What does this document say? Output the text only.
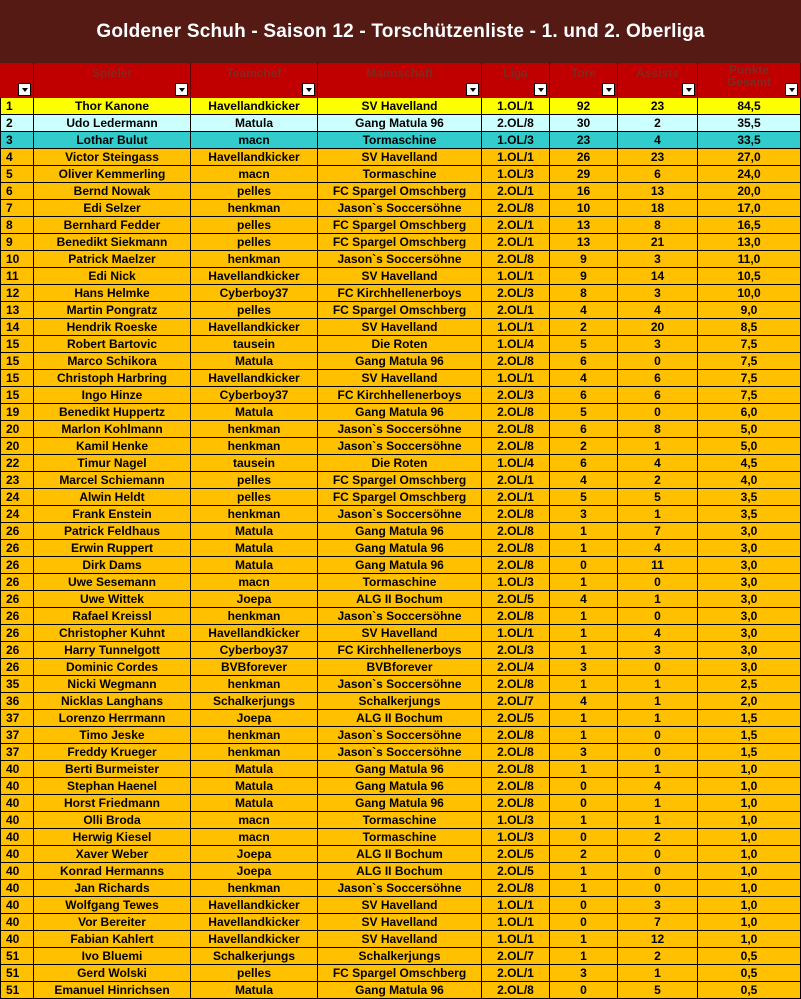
Goldener Schuh - Saison 12 - Torschützenliste - 1. und 2. Oberliga
Spieler	Teamchef	Mannschaft	Liga	Tore	Assists	Punkte Gesamt
1	Thor Kanone	Havellandkicker	SV Havelland	1.OL/1	92	23	84,5
2	Udo Ledermann	Matula	Gang Matula 96	2.OL/8	30	2	35,5
3	Lothar Bulut	macn	Tormaschine	1.OL/3	23	4	33,5
4	Victor Steingass	Havellandkicker	SV Havelland	1.OL/1	26	23	27,0
5	Oliver Kemmerling	macn	Tormaschine	1.OL/3	29	6	24,0
6	Bernd Nowak	pelles	FC Spargel Omschberg	2.OL/1	16	13	20,0
7	Edi Selzer	henkman	Jason`s Soccersöhne	2.OL/8	10	18	17,0
8	Bernhard Fedder	pelles	FC Spargel Omschberg	2.OL/1	13	8	16,5
9	Benedikt Siekmann	pelles	FC Spargel Omschberg	2.OL/1	13	21	13,0
10	Patrick Maelzer	henkman	Jason`s Soccersöhne	2.OL/8	9	3	11,0
11	Edi Nick	Havellandkicker	SV Havelland	1.OL/1	9	14	10,5
12	Hans Helmke	Cyberboy37	FC Kirchhellenerboys	2.OL/3	8	3	10,0
13	Martin Pongratz	pelles	FC Spargel Omschberg	2.OL/1	4	4	9,0
14	Hendrik Roeske	Havellandkicker	SV Havelland	1.OL/1	2	20	8,5
15	Robert Bartovic	tausein	Die Roten	1.OL/4	5	3	7,5
15	Marco Schikora	Matula	Gang Matula 96	2.OL/8	6	0	7,5
15	Christoph Harbring	Havellandkicker	SV Havelland	1.OL/1	4	6	7,5
15	Ingo Hinze	Cyberboy37	FC Kirchhellenerboys	2.OL/3	6	6	7,5
19	Benedikt Huppertz	Matula	Gang Matula 96	2.OL/8	5	0	6,0
20	Marlon Kohlmann	henkman	Jason`s Soccersöhne	2.OL/8	6	8	5,0
20	Kamil Henke	henkman	Jason`s Soccersöhne	2.OL/8	2	1	5,0
22	Timur Nagel	tausein	Die Roten	1.OL/4	6	4	4,5
23	Marcel Schiemann	pelles	FC Spargel Omschberg	2.OL/1	4	2	4,0
24	Alwin Heldt	pelles	FC Spargel Omschberg	2.OL/1	5	5	3,5
24	Frank Enstein	henkman	Jason`s Soccersöhne	2.OL/8	3	1	3,5
26	Patrick Feldhaus	Matula	Gang Matula 96	2.OL/8	1	7	3,0
26	Erwin Ruppert	Matula	Gang Matula 96	2.OL/8	1	4	3,0
26	Dirk Dams	Matula	Gang Matula 96	2.OL/8	0	11	3,0
26	Uwe Sesemann	macn	Tormaschine	1.OL/3	1	0	3,0
26	Uwe Wittek	Joepa	ALG II Bochum	2.OL/5	4	1	3,0
26	Rafael Kreissl	henkman	Jason`s Soccersöhne	2.OL/8	1	0	3,0
26	Christopher Kuhnt	Havellandkicker	SV Havelland	1.OL/1	1	4	3,0
26	Harry Tunnelgott	Cyberboy37	FC Kirchhellenerboys	2.OL/3	1	3	3,0
26	Dominic Cordes	BVBforever	BVBforever	2.OL/4	3	0	3,0
35	Nicki Wegmann	henkman	Jason`s Soccersöhne	2.OL/8	1	1	2,5
36	Nicklas Langhans	Schalkerjungs	Schalkerjungs	2.OL/7	4	1	2,0
37	Lorenzo Herrmann	Joepa	ALG II Bochum	2.OL/5	1	1	1,5
37	Timo Jeske	henkman	Jason`s Soccersöhne	2.OL/8	1	0	1,5
37	Freddy Krueger	henkman	Jason`s Soccersöhne	2.OL/8	3	0	1,5
40	Berti Burmeister	Matula	Gang Matula 96	2.OL/8	1	1	1,0
40	Stephan Haenel	Matula	Gang Matula 96	2.OL/8	0	4	1,0
40	Horst Friedmann	Matula	Gang Matula 96	2.OL/8	0	1	1,0
40	Olli Broda	macn	Tormaschine	1.OL/3	1	1	1,0
40	Herwig Kiesel	macn	Tormaschine	1.OL/3	0	2	1,0
40	Xaver Weber	Joepa	ALG II Bochum	2.OL/5	2	0	1,0
40	Konrad Hermanns	Joepa	ALG II Bochum	2.OL/5	1	0	1,0
40	Jan Richards	henkman	Jason`s Soccersöhne	2.OL/8	1	0	1,0
40	Wolfgang Tewes	Havellandkicker	SV Havelland	1.OL/1	0	3	1,0
40	Vor Bereiter	Havellandkicker	SV Havelland	1.OL/1	0	7	1,0
40	Fabian Kahlert	Havellandkicker	SV Havelland	1.OL/1	1	12	1,0
51	Ivo Bluemi	Schalkerjungs	Schalkerjungs	2.OL/7	1	2	0,5
51	Gerd Wolski	pelles	FC Spargel Omschberg	2.OL/1	3	1	0,5
51	Emanuel Hinrichsen	Matula	Gang Matula 96	2.OL/8	0	5	0,5
